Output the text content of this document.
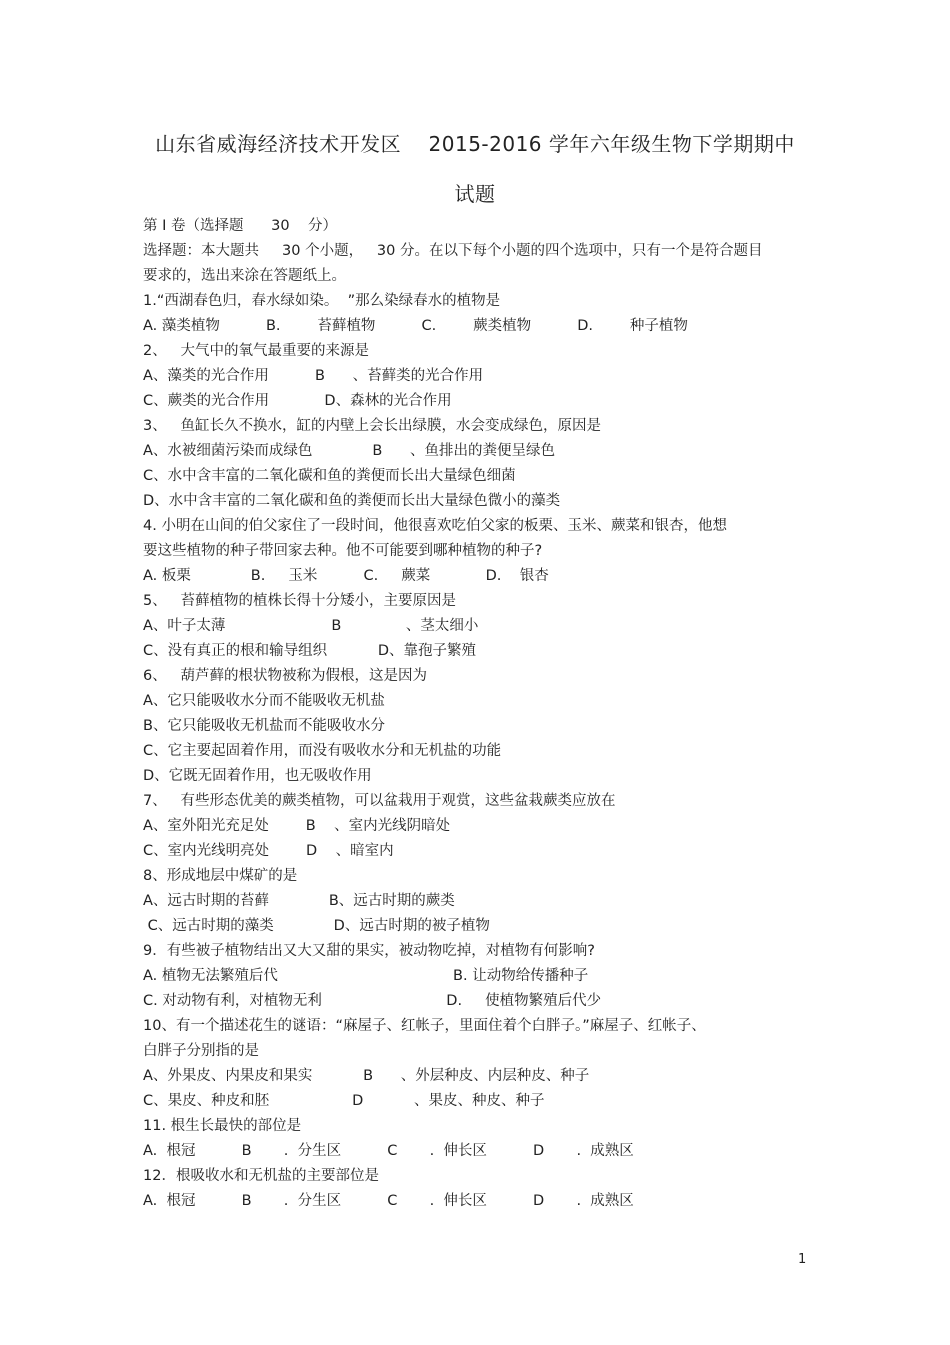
山东省威海经济技术开发区    2015-2016 学年六年级生物下学期期中
试题
第 I 卷（选择题      30    分）
选择题：本大题共     30 个小题，   30 分。在以下每个小题的四个选项中，只有一个是符合题目
要求的，选出来涂在答题纸上。
1.“西湖春色归，春水绿如染。  ”那么染绿春水的植物是
A. 藻类植物          B.        苔藓植物          C.        蕨类植物          D.        种子植物
2、   大气中的氧气最重要的来源是
A、藻类的光合作用          B      、苔藓类的光合作用
C、蕨类的光合作用            D、森林的光合作用
3、   鱼缸长久不换水，缸的内壁上会长出绿膜，水会变成绿色，原因是
A、水被细菌污染而成绿色             B      、鱼排出的粪便呈绿色
C、水中含丰富的二氧化碳和鱼的粪便而长出大量绿色细菌
D、水中含丰富的二氧化碳和鱼的粪便而长出大量绿色微小的藻类
4. 小明在山间的伯父家住了一段时间，他很喜欢吃伯父家的板栗、玉米、蕨菜和银杏，他想
要这些植物的种子带回家去种。他不可能要到哪种植物的种子?
A. 板栗             B.     玉米          C.     蕨菜            D.    银杏
5、   苔藓植物的植株长得十分矮小，主要原因是
A、叶子太薄                       B              、茎太细小
C、没有真正的根和输导组织           D、靠孢子繁殖
6、   葫芦藓的根状物被称为假根，这是因为
A、它只能吸收水分而不能吸收无机盐
B、它只能吸收无机盐而不能吸收水分
C、它主要起固着作用，而没有吸收水分和无机盐的功能
D、它既无固着作用，也无吸收作用
7、   有些形态优美的蕨类植物，可以盆栽用于观赏，这些盆栽蕨类应放在
A、室外阳光充足处        B    、室内光线阴暗处
C、室内光线明亮处        D    、暗室内
8、形成地层中煤矿的是
A、远古时期的苔藓             B、远古时期的蕨类
C、远古时期的藻类             D、远古时期的被子植物
9．有些被子植物结出又大又甜的果实，被动物吃掉，对植物有何影响?
A. 植物无法繁殖后代                                      B. 让动物给传播种子
C. 对动物有利，对植物无利                           D.     使植物繁殖后代少
10、有一个描述花生的谜语：“麻屋子、红帐子，里面住着个白胖子。”麻屋子、红帐子、
白胖子分别指的是
A、外果皮、内果皮和果实           B      、外层种皮、内层种皮、种子
C、果皮、种皮和胚                  D           、果皮、种皮、种子
11. 根生长最快的部位是
A.  根冠          B       .  分生区          C       .  伸长区          D       .  成熟区
12．根吸收水和无机盐的主要部位是
A.  根冠          B       .  分生区          C       .  伸长区          D       .  成熟区
1
